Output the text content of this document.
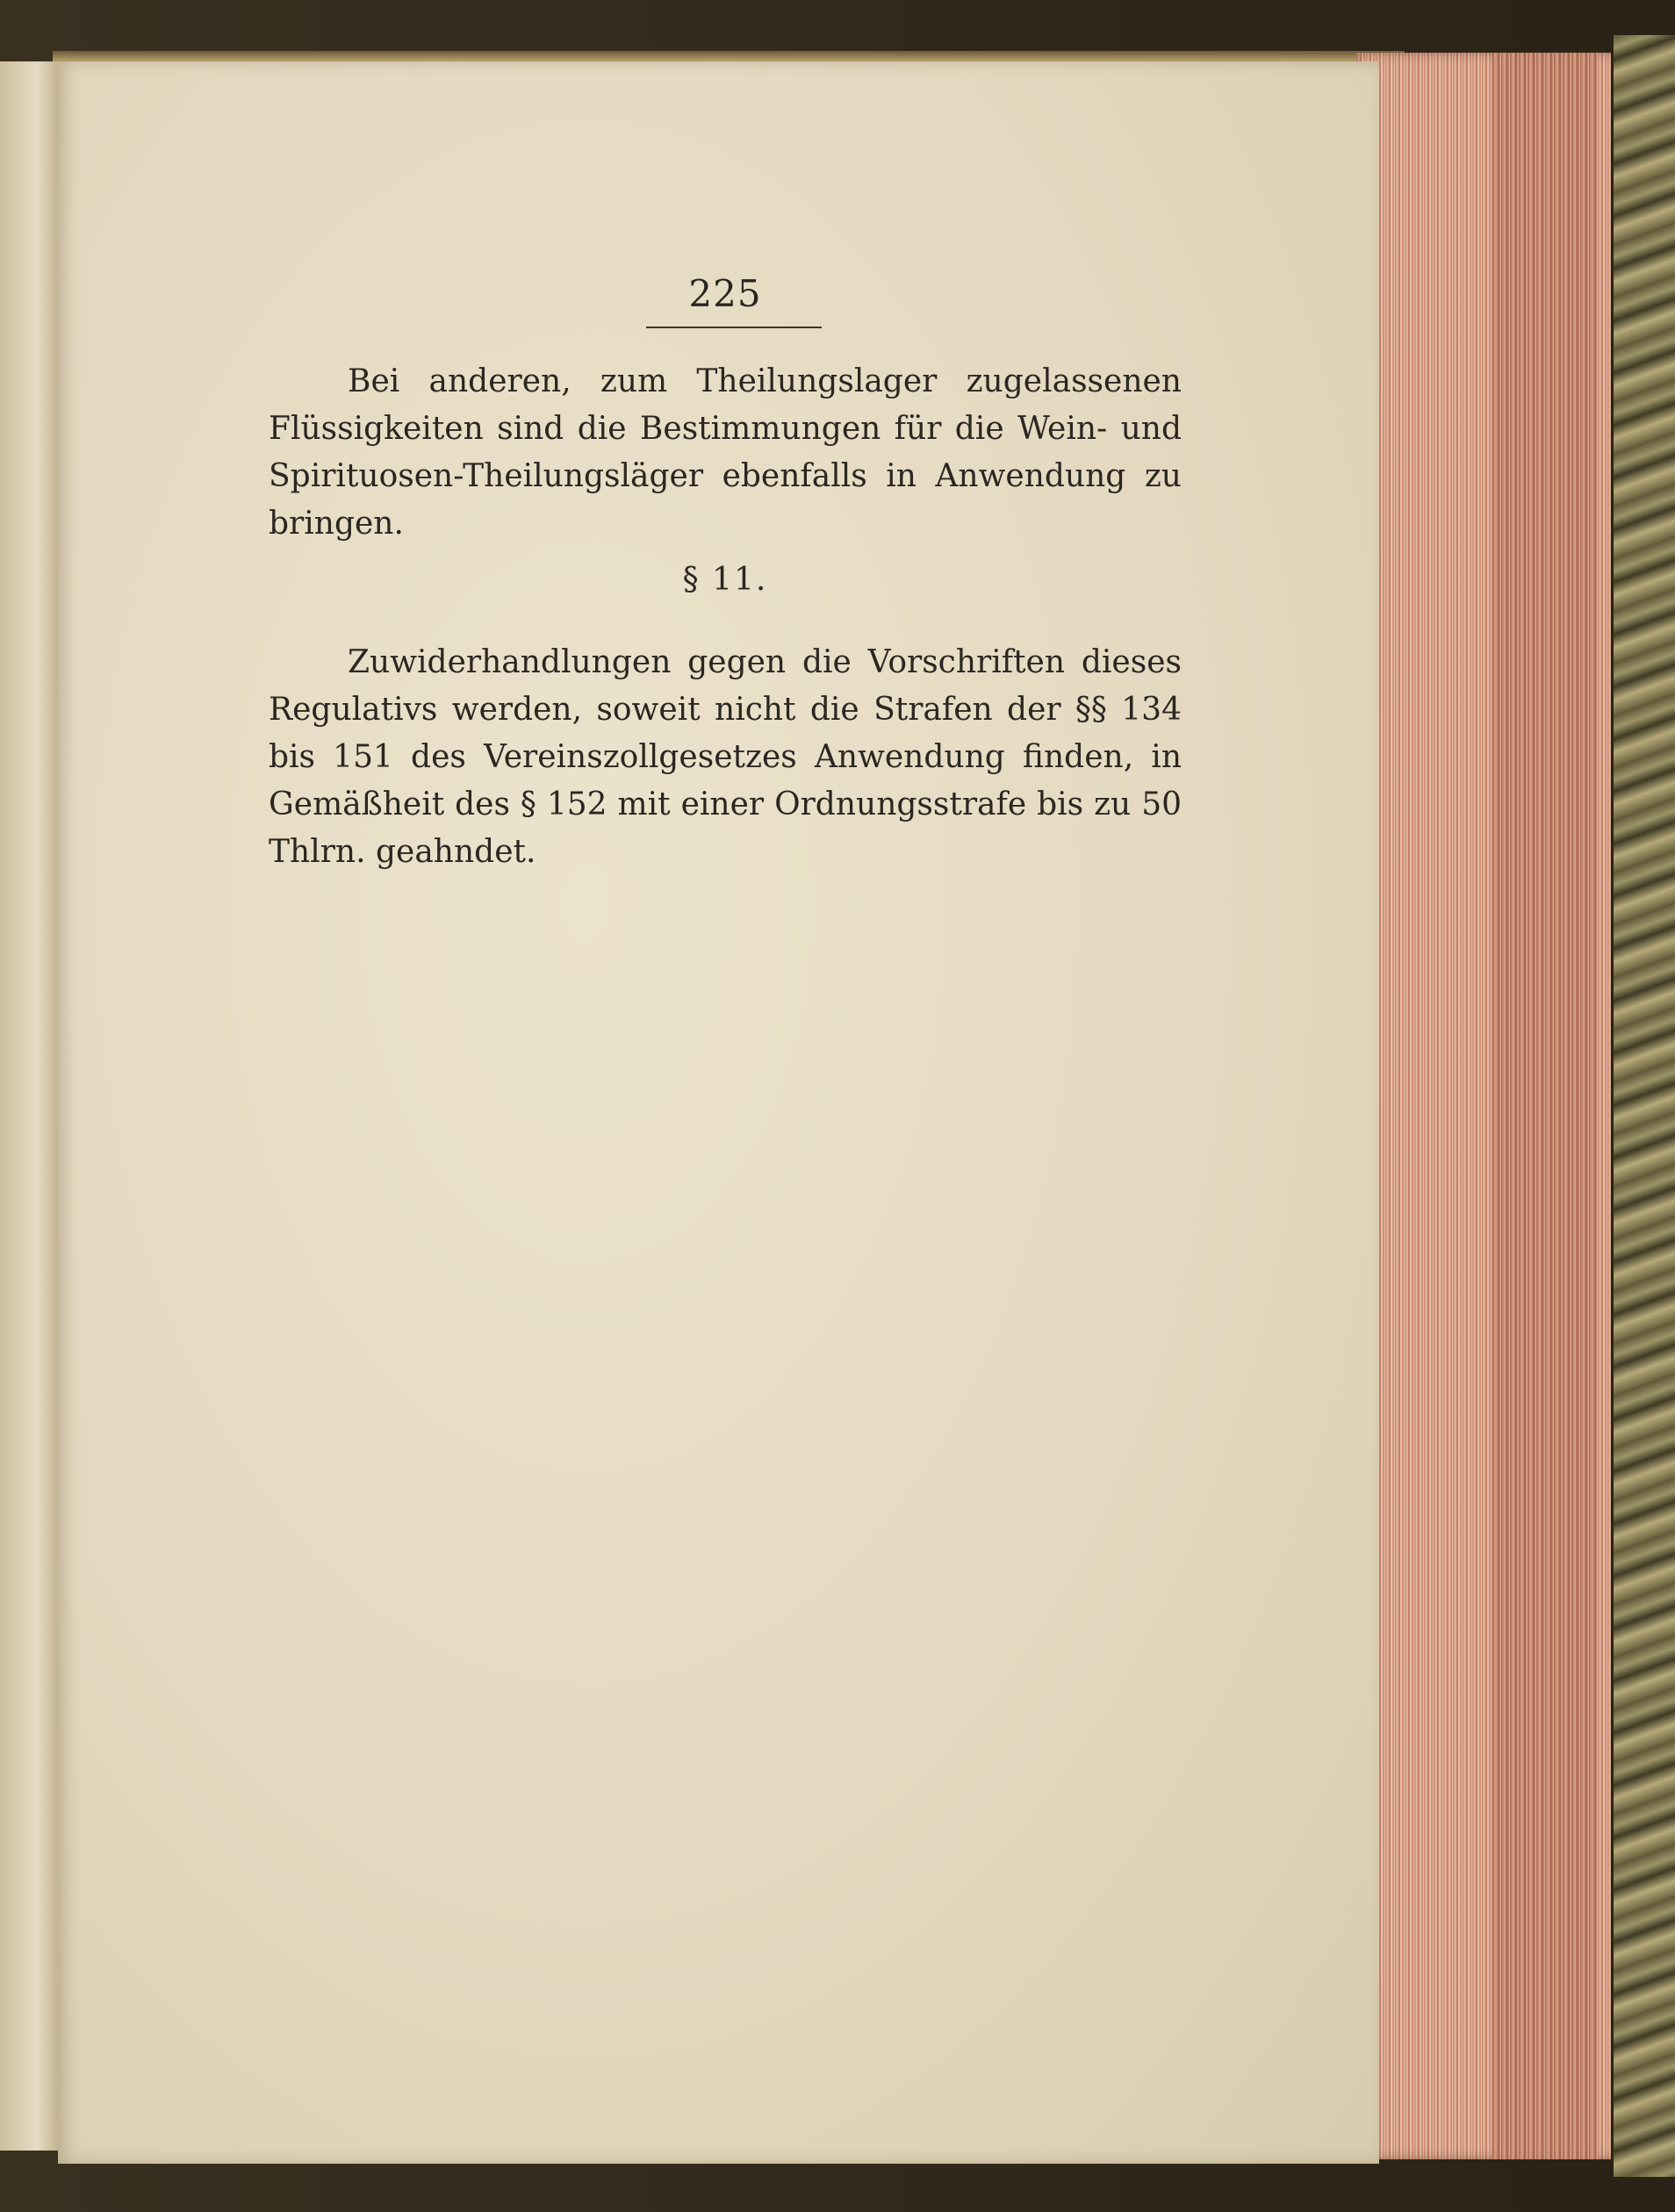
225
Bei anderen, zum Theilungslager zugelassenen Flüssigkeiten sind die Bestimmungen für die Wein- und Spirituosen-Theilungsläger ebenfalls in Anwendung zu bringen.
§ 11.
Zuwiderhandlungen gegen die Vorschriften dieses Regulativs werden, soweit nicht die Strafen der §§ 134 bis 151 des Vereinszollgesetzes Anwendung finden, in Gemäßheit des § 152 mit einer Ordnungsstrafe bis zu 50 Thlrn. geahndet.
